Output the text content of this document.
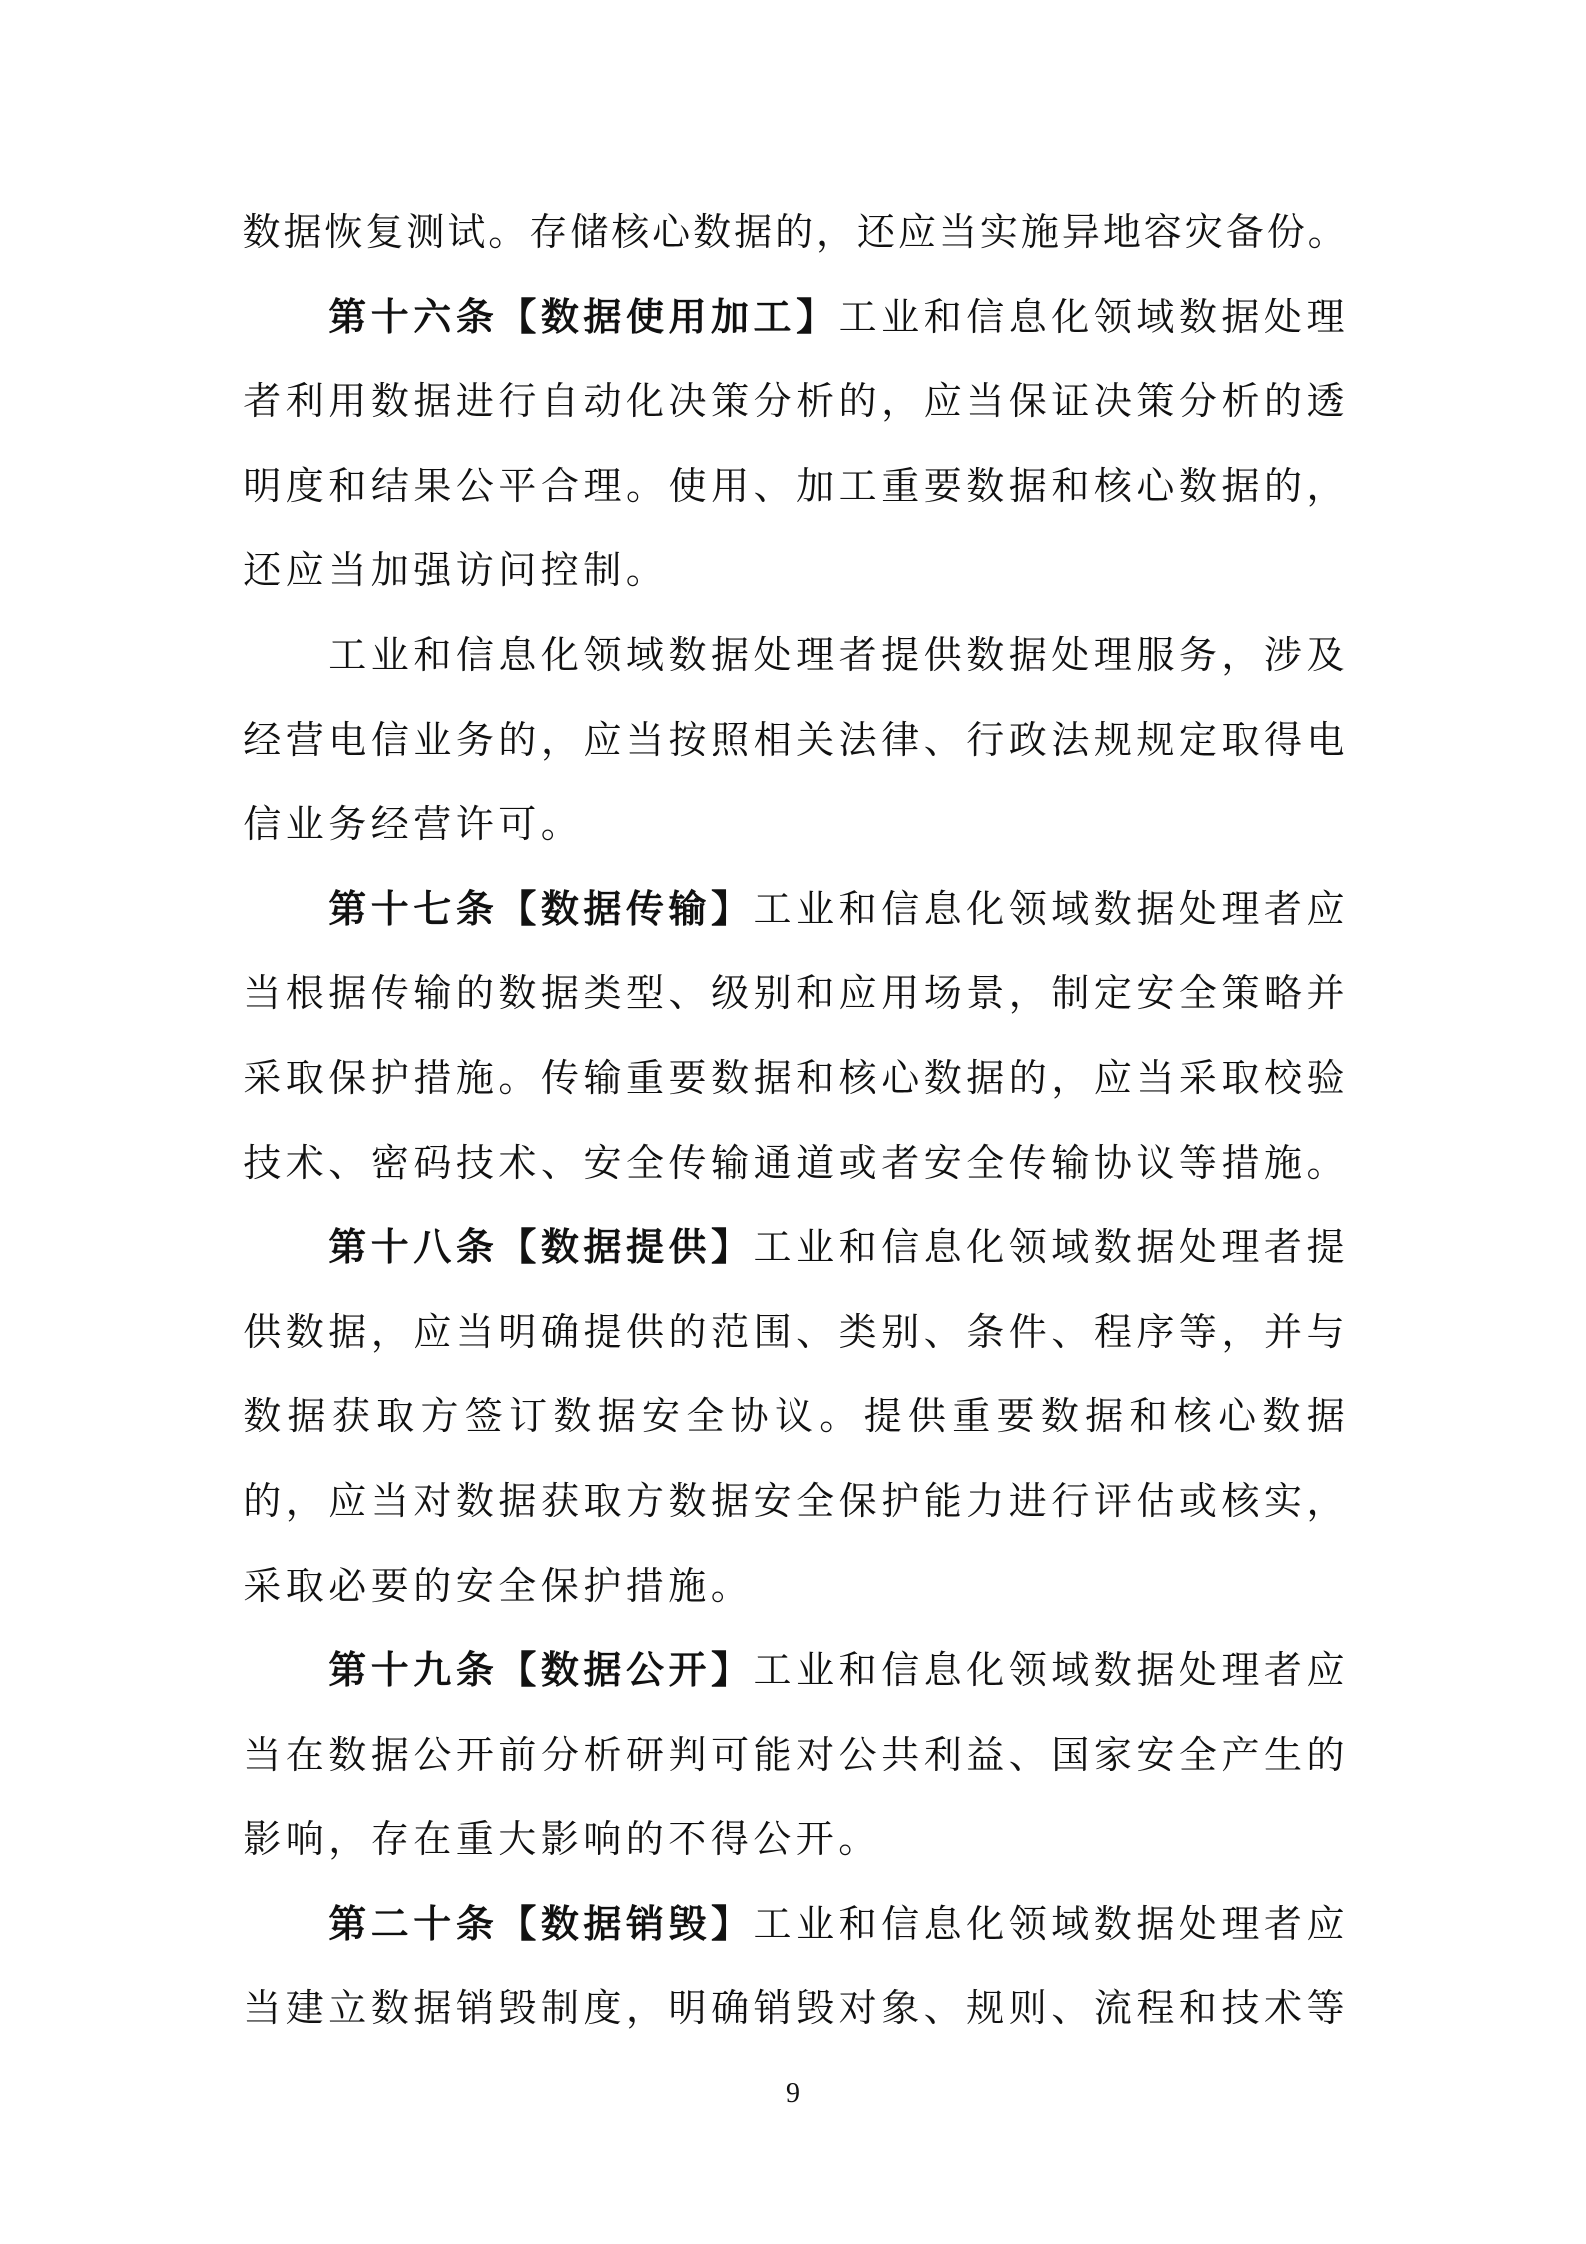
数 据 恢 复 测 试 。 存 储 核 心 数 据 的 ， 还 应 当 实 施 异 地 容 灾 备 份 。
第 十 六 条 【 数 据 使 用 加 工 】 工 业 和 信 息 化 领 域 数 据 处 理
者 利 用 数 据 进 行 自 动 化 决 策 分 析 的 ， 应 当 保 证 决 策 分 析 的 透
明 度 和 结 果 公 平 合 理 。 使 用 、 加 工 重 要 数 据 和 核 心 数 据 的 ，
还 应 当 加 强 访 问 控 制 。
工 业 和 信 息 化 领 域 数 据 处 理 者 提 供 数 据 处 理 服 务 ， 涉 及
经 营 电 信 业 务 的 ， 应 当 按 照 相 关 法 律 、 行 政 法 规 规 定 取 得 电
信 业 务 经 营 许 可 。
第 十 七 条 【 数 据 传 输 】 工 业 和 信 息 化 领 域 数 据 处 理 者 应
当 根 据 传 输 的 数 据 类 型 、 级 别 和 应 用 场 景 ， 制 定 安 全 策 略 并
采 取 保 护 措 施 。 传 输 重 要 数 据 和 核 心 数 据 的 ， 应 当 采 取 校 验
技 术 、 密 码 技 术 、 安 全 传 输 通 道 或 者 安 全 传 输 协 议 等 措 施 。
第 十 八 条 【 数 据 提 供 】 工 业 和 信 息 化 领 域 数 据 处 理 者 提
供 数 据 ， 应 当 明 确 提 供 的 范 围 、 类 别 、 条 件 、 程 序 等 ， 并 与
数 据 获 取 方 签 订 数 据 安 全 协 议 。 提 供 重 要 数 据 和 核 心 数 据
的 ， 应 当 对 数 据 获 取 方 数 据 安 全 保 护 能 力 进 行 评 估 或 核 实 ，
采 取 必 要 的 安 全 保 护 措 施 。
第 十 九 条 【 数 据 公 开 】 工 业 和 信 息 化 领 域 数 据 处 理 者 应
当 在 数 据 公 开 前 分 析 研 判 可 能 对 公 共 利 益 、 国 家 安 全 产 生 的
影 响 ， 存 在 重 大 影 响 的 不 得 公 开 。
第 二 十 条 【 数 据 销 毁 】 工 业 和 信 息 化 领 域 数 据 处 理 者 应
当 建 立 数 据 销 毁 制 度 ， 明 确 销 毁 对 象 、 规 则 、 流 程 和 技 术 等
9
